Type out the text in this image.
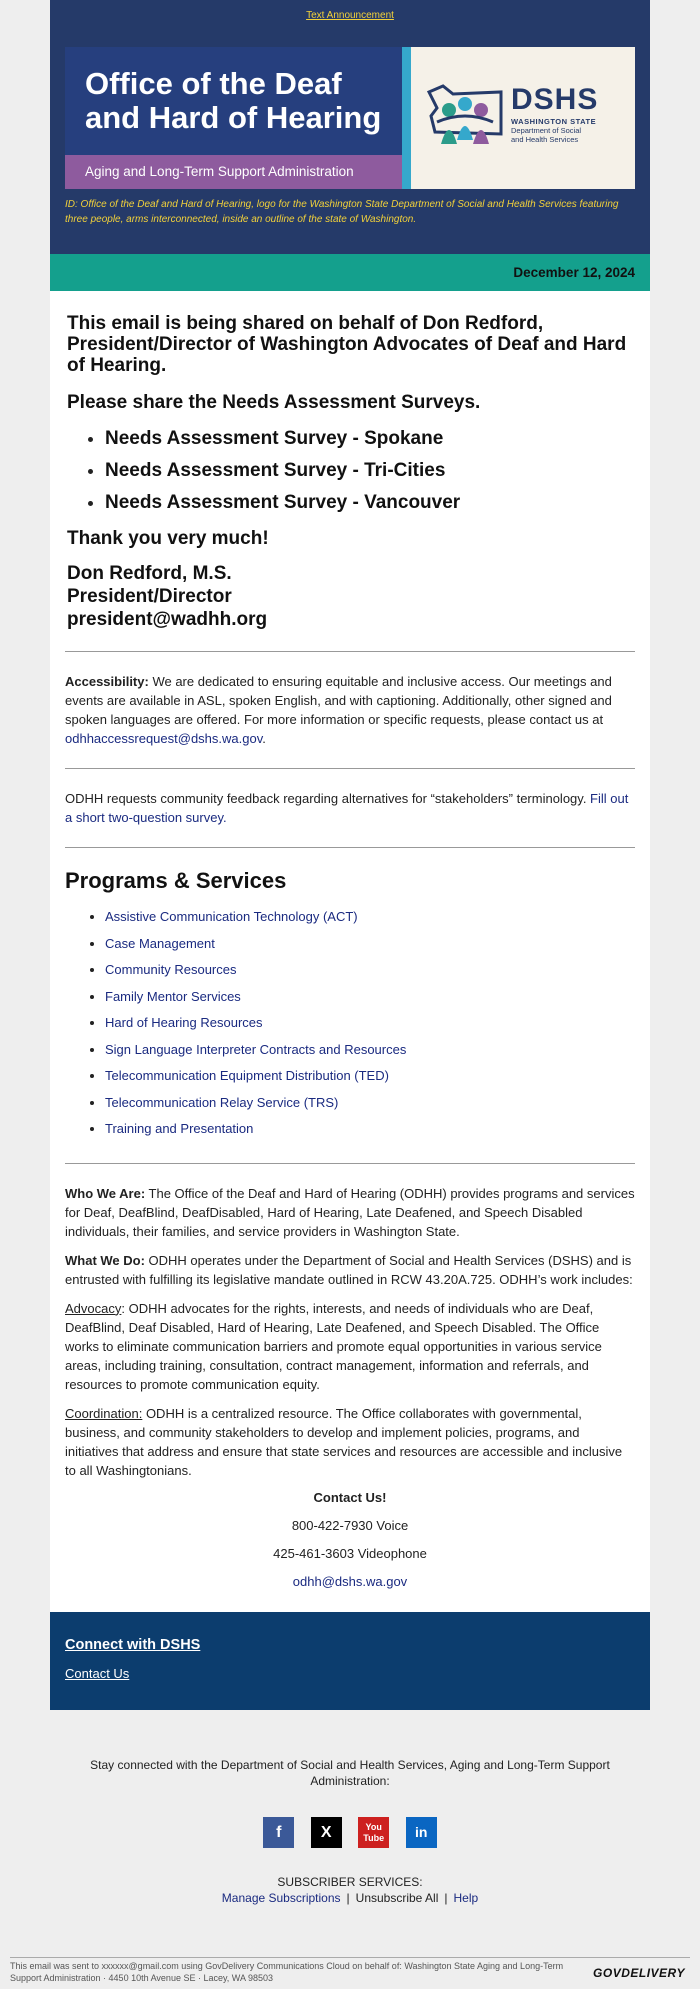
Text Announcement
Office of the Deaf
and Hard of Hearing
Aging and Long-Term Support Administration
DSHS
WASHINGTON STATE
Department of Social
and Health Services
ID: Office of the Deaf and Hard of Hearing, logo for the Washington State Department of Social and Health Services featuring three people, arms interconnected, inside an outline of the state of Washington.
December 12, 2024

This email is being shared on behalf of Don Redford, President/Director of Washington Advocates of Deaf and Hard of Hearing.

Please share the Needs Assessment Surveys.

• Needs Assessment Survey - Spokane
• Needs Assessment Survey - Tri-Cities
• Needs Assessment Survey - Vancouver

Thank you very much!

Don Redford, M.S.
President/Director
president@wadhh.org

Accessibility: We are dedicated to ensuring equitable and inclusive access. Our meetings and events are available in ASL, spoken English, and with captioning. Additionally, other signed and spoken languages are offered. For more information or specific requests, please contact us at odhhaccessrequest@dshs.wa.gov.

ODHH requests community feedback regarding alternatives for “stakeholders” terminology. Fill out a short two-question survey.

Programs & Services
• Assistive Communication Technology (ACT)
• Case Management
• Community Resources
• Family Mentor Services
• Hard of Hearing Resources
• Sign Language Interpreter Contracts and Resources
• Telecommunication Equipment Distribution (TED)
• Telecommunication Relay Service (TRS)
• Training and Presentation

Who We Are: The Office of the Deaf and Hard of Hearing (ODHH) provides programs and services for Deaf, DeafBlind, DeafDisabled, Hard of Hearing, Late Deafened, and Speech Disabled individuals, their families, and service providers in Washington State.

What We Do: ODHH operates under the Department of Social and Health Services (DSHS) and is entrusted with fulfilling its legislative mandate outlined in RCW 43.20A.725. ODHH’s work includes:

Advocacy: ODHH advocates for the rights, interests, and needs of individuals who are Deaf, DeafBlind, Deaf Disabled, Hard of Hearing, Late Deafened, and Speech Disabled. The Office works to eliminate communication barriers and promote equal opportunities in various service areas, including training, consultation, contract management, information and referrals, and resources to promote communication equity.

Coordination: ODHH is a centralized resource. The Office collaborates with governmental, business, and community stakeholders to develop and implement policies, programs, and initiatives that address and ensure that state services and resources are accessible and inclusive to all Washingtonians.

Contact Us!
800-422-7930 Voice
425-461-3603 Videophone
odhh@dshs.wa.gov
Connect with DSHS
Contact Us
Stay connected with the Department of Social and Health Services, Aging and Long-Term Support Administration:
f X	You Tube in
SUBSCRIBER SERVICES:
Manage Subscriptions | Unsubscribe All | Help
This email was sent to xxxxxx@gmail.com using GovDelivery Communications Cloud on behalf of: Washington State Aging and Long-Term Support Administration · 4450 10th Avenue SE · Lacey, WA 98503	GOVDELIVERY
